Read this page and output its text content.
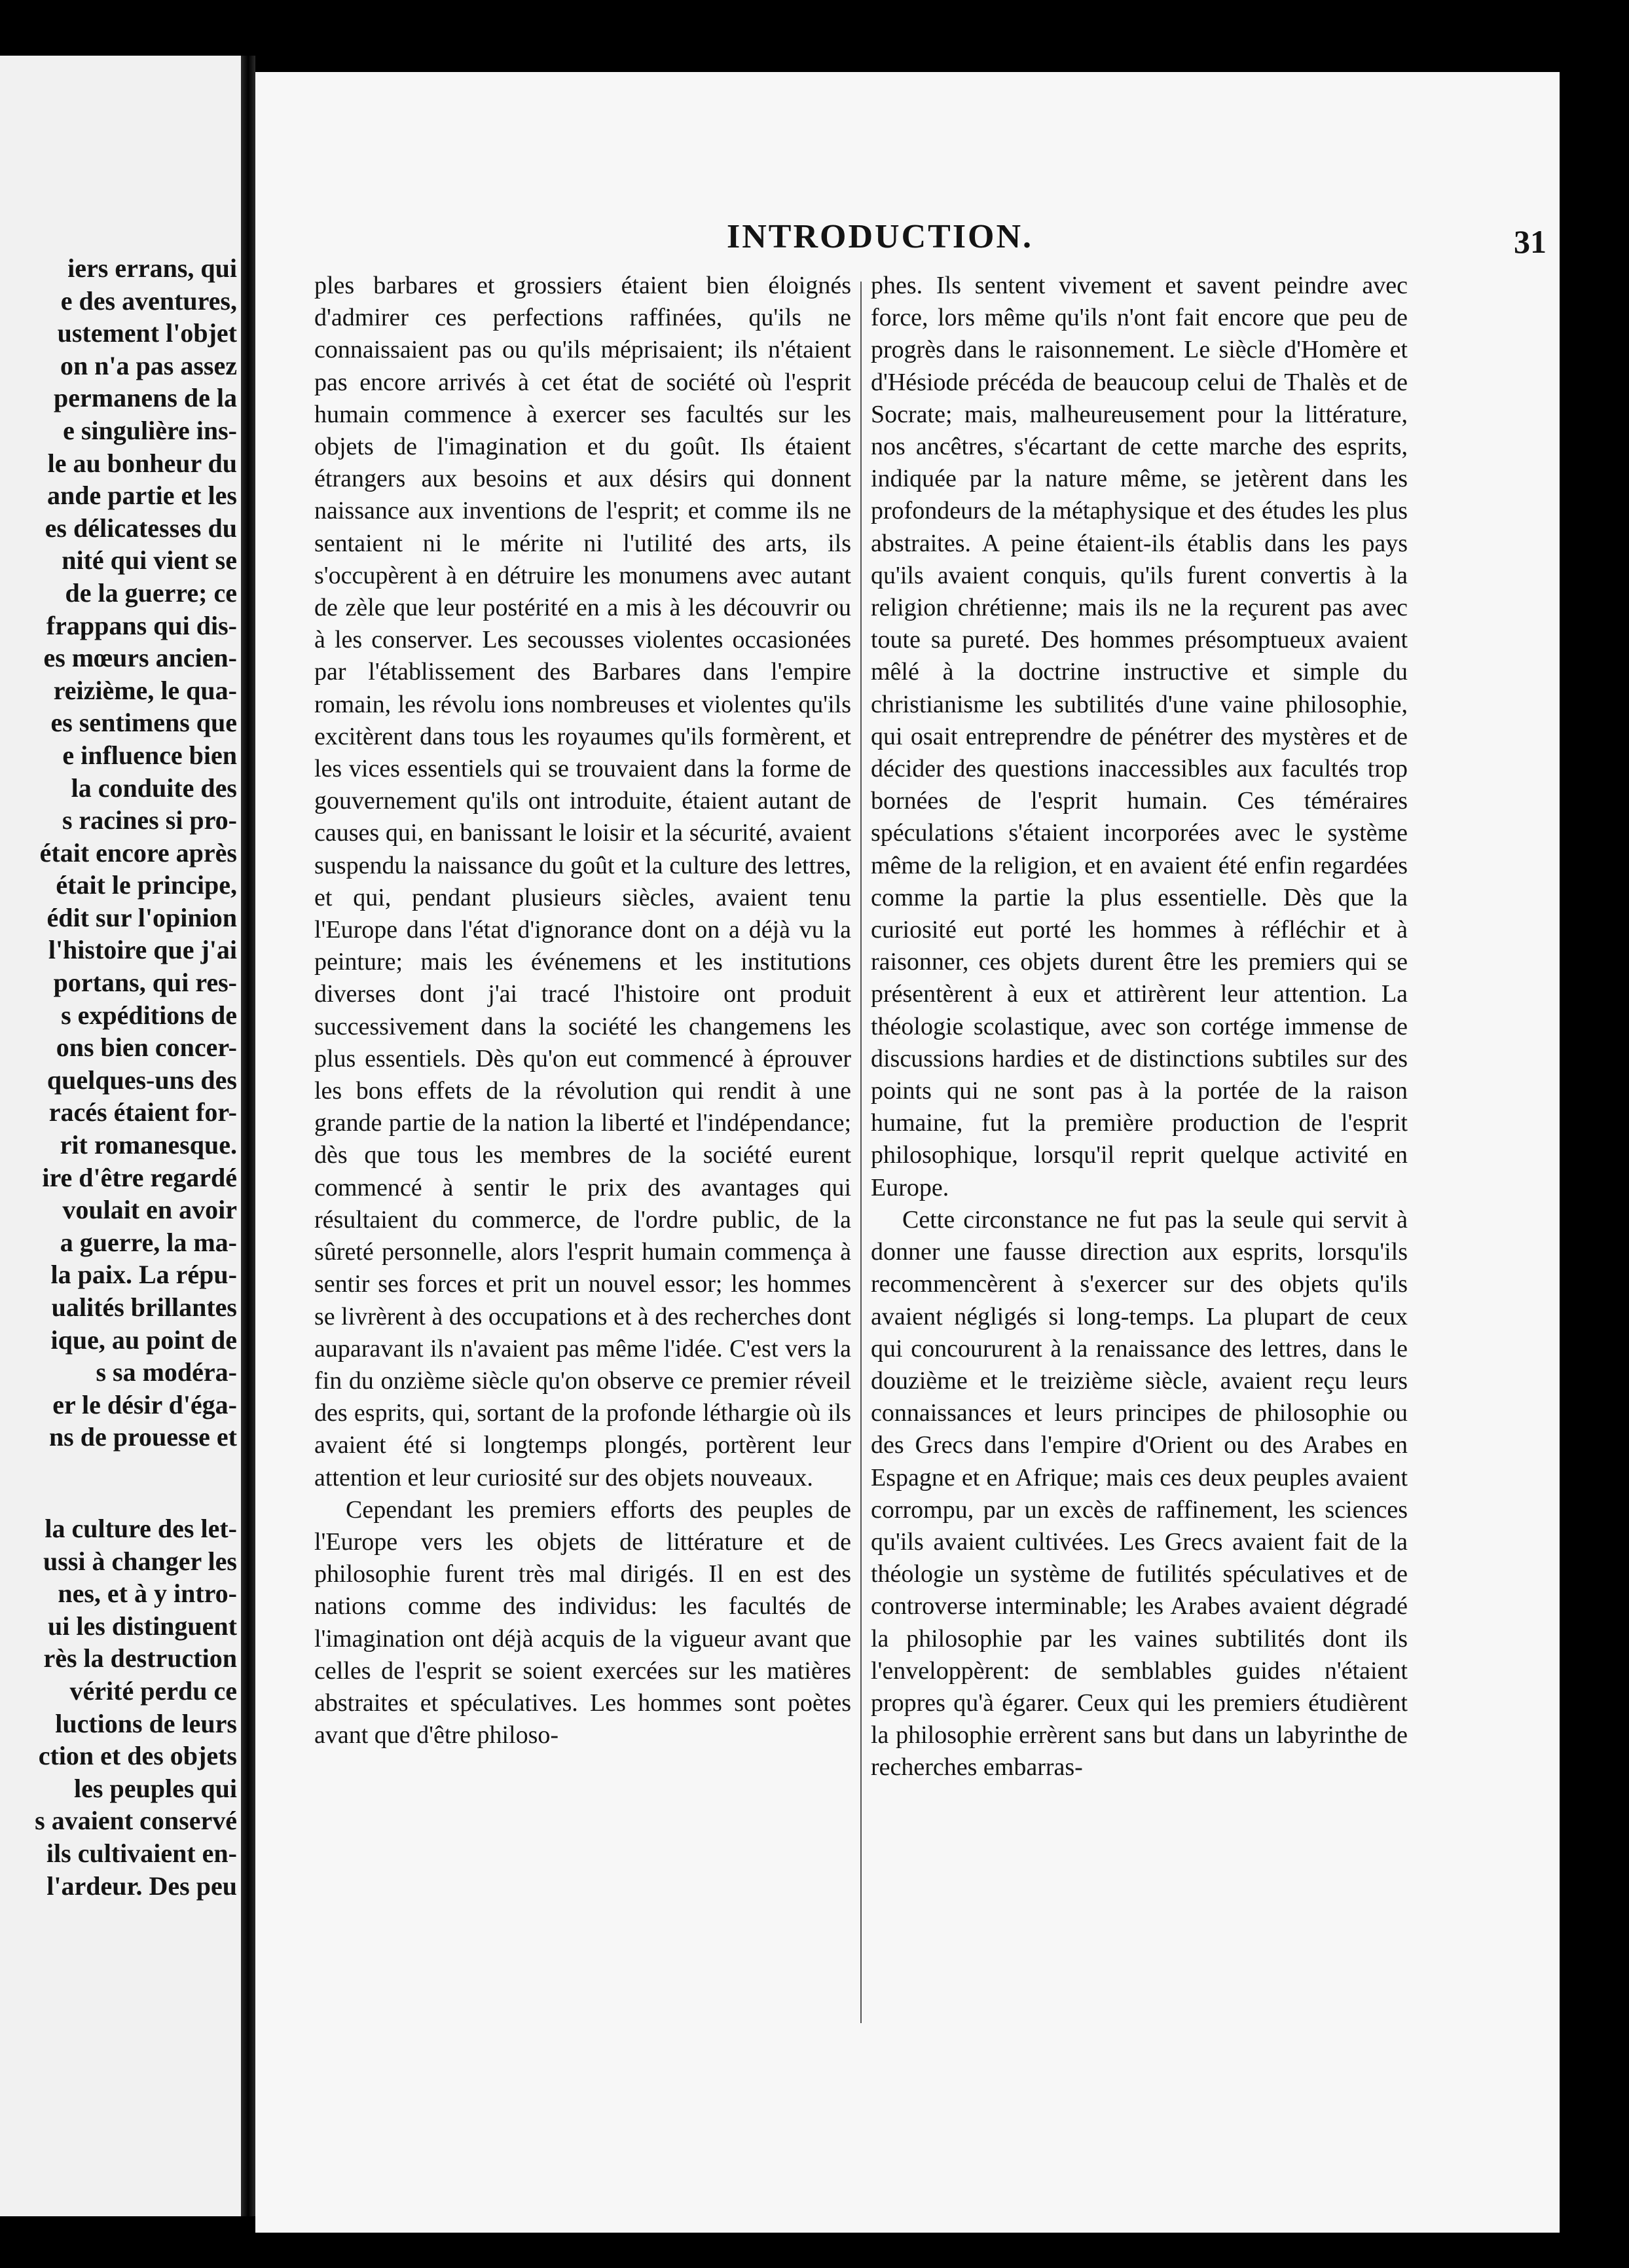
iers errans, qui
e des aventures,
ustement l'objet
on n'a pas assez
permanens de la
e singulière ins-
le au bonheur du
ande partie et les
es délicatesses du
nité qui vient se
de la guerre; ce
frappans qui dis-
es mœurs ancien-
reizième, le qua-
es sentimens que
e influence bien
la conduite des
s racines si pro-
était encore après
était le principe,
édit sur l'opinion
l'histoire que j'ai
portans, qui res-
s expéditions de
ons bien concer-
quelques-uns des
racés étaient for-
rit romanesque.
ire d'être regardé
voulait en avoir
a guerre, la ma-
la paix. La répu-
ualités brillantes
ique, au point de
s sa modéra-
er le désir d'éga-
ns de prouesse et
la culture des let-
ussi à changer les
nes, et à y intro-
ui les distinguent
rès la destruction
vérité perdu ce
luctions de leurs
ction et des objets
les peuples qui
s avaient conservé
ils cultivaient en-
l'ardeur. Des peu
INTRODUCTION.	31

ples barbares et grossiers étaient bien éloignés d'admirer ces perfections raffinées, qu'ils ne connaissaient pas ou qu'ils méprisaient; ils n'étaient pas encore arrivés à cet état de société où l'esprit humain commence à exercer ses facultés sur les objets de l'imagination et du goût. Ils étaient étrangers aux besoins et aux désirs qui donnent naissance aux inventions de l'esprit; et comme ils ne sentaient ni le mérite ni l'utilité des arts, ils s'occupèrent à en détruire les monumens avec autant de zèle que leur postérité en a mis à les découvrir ou à les conserver. Les secousses violentes occasionées par l'établissement des Barbares dans l'empire romain, les révolu ions nombreuses et violentes qu'ils excitèrent dans tous les royaumes qu'ils formèrent, et les vices essentiels qui se trouvaient dans la forme de gouvernement qu'ils ont introduite, étaient autant de causes qui, en banissant le loisir et la sécurité, avaient suspendu la naissance du goût et la culture des lettres, et qui, pendant plusieurs siècles, avaient tenu l'Europe dans l'état d'ignorance dont on a déjà vu la peinture; mais les événemens et les institutions diverses dont j'ai tracé l'histoire ont produit successivement dans la société les changemens les plus essentiels. Dès qu'on eut commencé à éprouver les bons effets de la révolution qui rendit à une grande partie de la nation la liberté et l'indépendance; dès que tous les membres de la société eurent commencé à sentir le prix des avantages qui résultaient du commerce, de l'ordre public, de la sûreté personnelle, alors l'esprit humain commença à sentir ses forces et prit un nouvel essor; les hommes se livrèrent à des occupations et à des recherches dont auparavant ils n'avaient pas même l'idée. C'est vers la fin du onzième siècle qu'on observe ce premier réveil des esprits, qui, sortant de la profonde léthargie où ils avaient été si longtemps plongés, portèrent leur attention et leur curiosité sur des objets nouveaux.

Cependant les premiers efforts des peuples de l'Europe vers les objets de littérature et de philosophie furent très mal dirigés. Il en est des nations comme des individus: les facultés de l'imagination ont déjà acquis de la vigueur avant que celles de l'esprit se soient exercées sur les matières abstraites et spéculatives. Les hommes sont poètes avant que d'être philoso-

phes. Ils sentent vivement et savent peindre avec force, lors même qu'ils n'ont fait encore que peu de progrès dans le raisonnement. Le siècle d'Homère et d'Hésiode précéda de beaucoup celui de Thalès et de Socrate; mais, malheureusement pour la littérature, nos ancêtres, s'écartant de cette marche des esprits, indiquée par la nature même, se jetèrent dans les profondeurs de la métaphysique et des études les plus abstraites. A peine étaient-ils établis dans les pays qu'ils avaient conquis, qu'ils furent convertis à la religion chrétienne; mais ils ne la reçurent pas avec toute sa pureté. Des hommes présomptueux avaient mêlé à la doctrine instructive et simple du christianisme les subtilités d'une vaine philosophie, qui osait entreprendre de pénétrer des mystères et de décider des questions inaccessibles aux facultés trop bornées de l'esprit humain. Ces téméraires spéculations s'étaient incorporées avec le système même de la religion, et en avaient été enfin regardées comme la partie la plus essentielle. Dès que la curiosité eut porté les hommes à réfléchir et à raisonner, ces objets durent être les premiers qui se présentèrent à eux et attirèrent leur attention. La théologie scolastique, avec son cortége immense de discussions hardies et de distinctions subtiles sur des points qui ne sont pas à la portée de la raison humaine, fut la première production de l'esprit philosophique, lorsqu'il reprit quelque activité en Europe.

Cette circonstance ne fut pas la seule qui servit à donner une fausse direction aux esprits, lorsqu'ils recommencèrent à s'exercer sur des objets qu'ils avaient négligés si long-temps. La plupart de ceux qui concoururent à la renaissance des lettres, dans le douzième et le treizième siècle, avaient reçu leurs connaissances et leurs principes de philosophie ou des Grecs dans l'empire d'Orient ou des Arabes en Espagne et en Afrique; mais ces deux peuples avaient corrompu, par un excès de raffinement, les sciences qu'ils avaient cultivées. Les Grecs avaient fait de la théologie un système de futilités spéculatives et de controverse interminable; les Arabes avaient dégradé la philosophie par les vaines subtilités dont ils l'enveloppèrent: de semblables guides n'étaient propres qu'à égarer. Ceux qui les premiers étudièrent la philosophie errèrent sans but dans un labyrinthe de recherches embarras-
